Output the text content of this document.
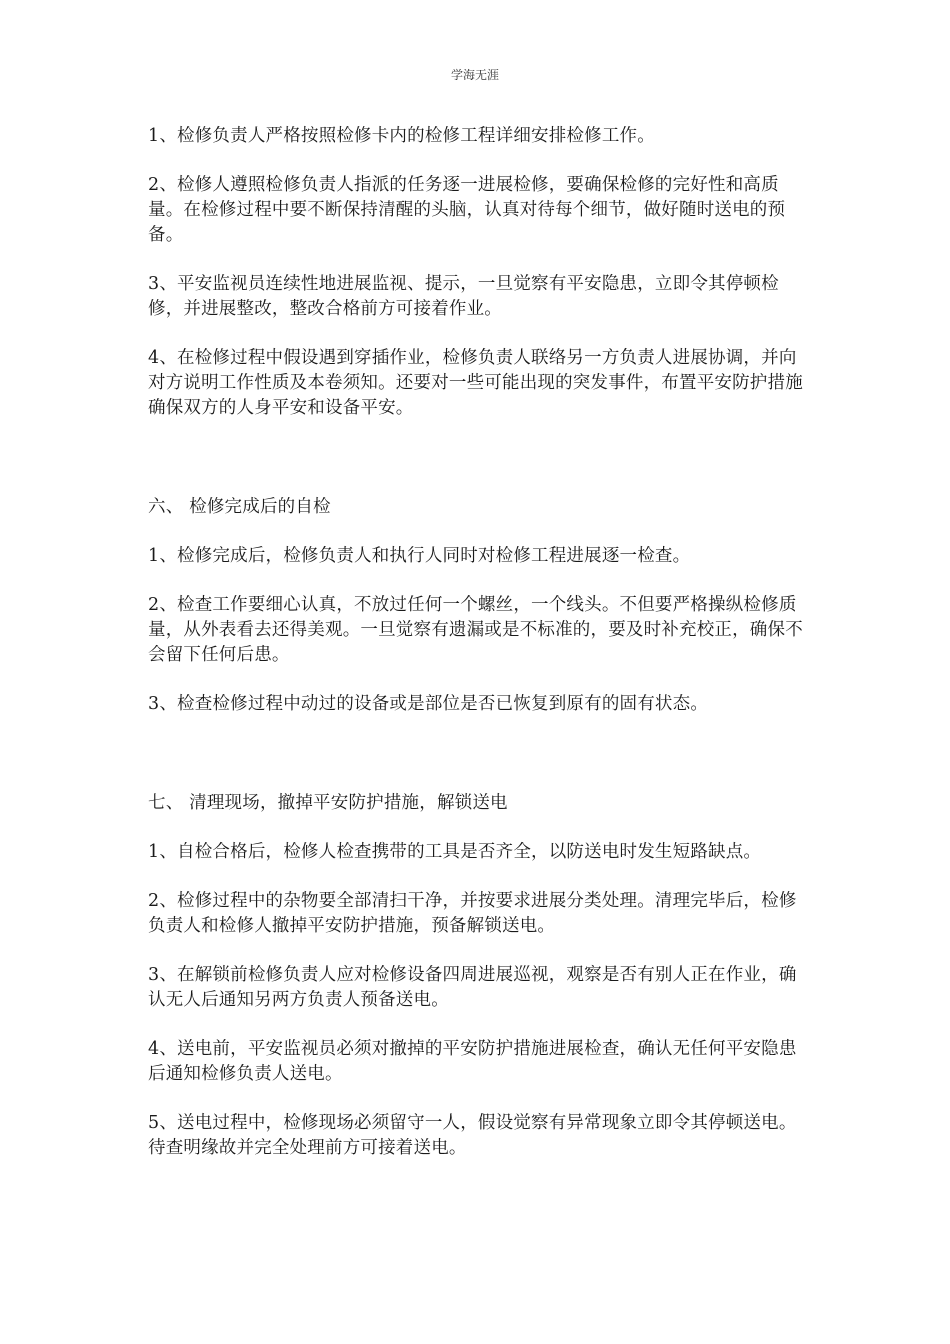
学海无涯

1、检修负责人严格按照检修卡内的检修工程详细安排检修工作。

2、检修人遵照检修负责人指派的任务逐一进展检修，要确保检修的完好性和高质量。在检修过程中要不断保持清醒的头脑，认真对待每个细节，做好随时送电的预备。

3、平安监视员连续性地进展监视、提示，一旦觉察有平安隐患，立即令其停顿检修，并进展整改，整改合格前方可接着作业。

4、在检修过程中假设遇到穿插作业，检修负责人联络另一方负责人进展协调，并向对方说明工作性质及本卷须知。还要对一些可能出现的突发事件，布置平安防护措施确保双方的人身平安和设备平安。

六、 检修完成后的自检

1、检修完成后，检修负责人和执行人同时对检修工程进展逐一检查。

2、检查工作要细心认真，不放过任何一个螺丝，一个线头。不但要严格操纵检修质量，从外表看去还得美观。一旦觉察有遗漏或是不标准的，要及时补充校正，确保不会留下任何后患。

3、检查检修过程中动过的设备或是部位是否已恢复到原有的固有状态。

七、 清理现场，撤掉平安防护措施，解锁送电

1、自检合格后，检修人检查携带的工具是否齐全，以防送电时发生短路缺点。

2、检修过程中的杂物要全部清扫干净，并按要求进展分类处理。清理完毕后，检修负责人和检修人撤掉平安防护措施，预备解锁送电。

3、在解锁前检修负责人应对检修设备四周进展巡视，观察是否有别人正在作业，确认无人后通知另两方负责人预备送电。

4、送电前，平安监视员必须对撤掉的平安防护措施进展检查，确认无任何平安隐患后通知检修负责人送电。

5、送电过程中，检修现场必须留守一人，假设觉察有异常现象立即令其停顿送电。待查明缘故并完全处理前方可接着送电。
